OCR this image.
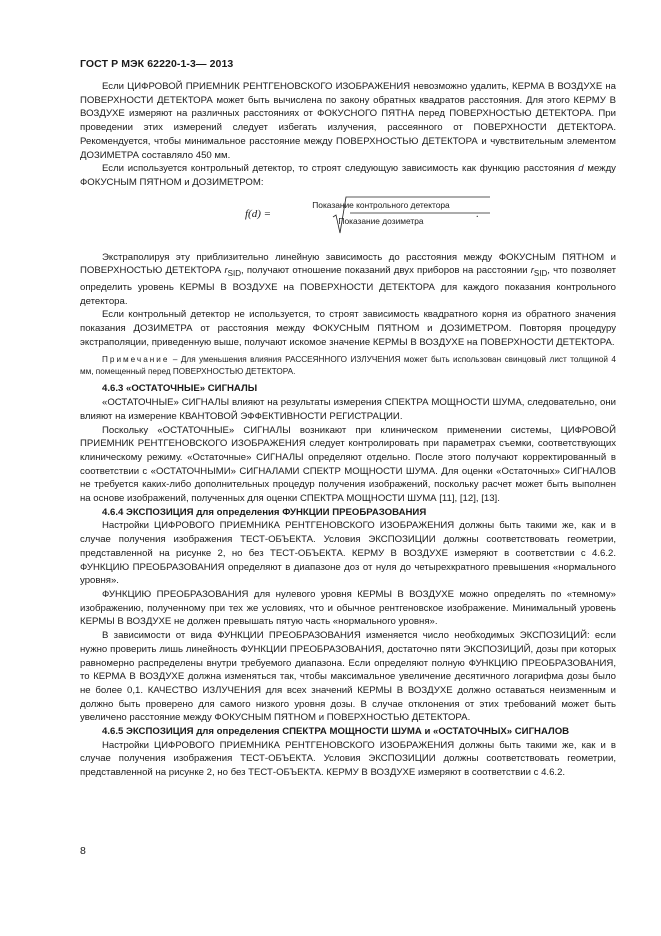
ГОСТ Р МЭК 62220-1-3— 2013

Если ЦИФРОВОЙ ПРИЕМНИК РЕНТГЕНОВСКОГО ИЗОБРАЖЕНИЯ невозможно удалить, КЕРМА В ВОЗДУХЕ на ПОВЕРХНОСТИ ДЕТЕКТОРА может быть вычислена по закону обратных квадратов расстояния. Для этого КЕРМУ В ВОЗДУХЕ измеряют на различных расстояниях от ФОКУСНОГО ПЯТНА перед ПОВЕРХНОСТЬЮ ДЕТЕКТОРА. При проведении этих измерений следует избегать излучения, рассеянного от ПОВЕРХНОСТИ ДЕТЕКТОРА. Рекомендуется, чтобы минимальное расстояние между ПОВЕРХНОСТЬЮ ДЕТЕКТОРА и чувствительным элементом ДОЗИМЕТРА составляло 450 мм.

Если используется контрольный детектор, то строят следующую зависимость как функцию расстояния d между ФОКУСНЫМ ПЯТНОМ и ДОЗИМЕТРОМ:

f(d) =
Показание контрольного детектора
Показание дозиметра
.

Экстраполируя эту приблизительно линейную зависимость до расстояния между ФОКУСНЫМ ПЯТНОМ и ПОВЕРХНОСТЬЮ ДЕТЕКТОРА $r_{SID}$, получают отношение показаний двух приборов на расстоянии $r_{SID}$, что позволяет определить уровень КЕРМЫ В ВОЗДУХЕ на ПОВЕРХНОСТИ ДЕТЕКТОРА для каждого показания контрольного детектора.

Если контрольный детектор не используется, то строят зависимость квадратного корня из обратного значения показания ДОЗИМЕТРА от расстояния между ФОКУСНЫМ ПЯТНОМ и ДОЗИМЕТРОМ. Повторяя процедуру экстраполяции, приведенную выше, получают искомое значение КЕРМЫ В ВОЗДУХЕ на ПОВЕРХНОСТИ ДЕТЕКТОРА.

Примечание – Для уменьшения влияния РАССЕЯННОГО ИЗЛУЧЕНИЯ может быть использован свинцовый лист толщиной 4 мм, помещенный перед ПОВЕРХНОСТЬЮ ДЕТЕКТОРА.

4.6.3 «ОСТАТОЧНЫЕ» СИГНАЛЫ

«ОСТАТОЧНЫЕ» СИГНАЛЫ влияют на результаты измерения СПЕКТРА МОЩНОСТИ ШУМА, следовательно, они влияют на измерение КВАНТОВОЙ ЭФФЕКТИВНОСТИ РЕГИСТРАЦИИ.

Поскольку «ОСТАТОЧНЫЕ» СИГНАЛЫ возникают при клиническом применении системы, ЦИФРОВОЙ ПРИЕМНИК РЕНТГЕНОВСКОГО ИЗОБРАЖЕНИЯ следует контролировать при параметрах съемки, соответствующих клиническому режиму. «Остаточные» СИГНАЛЫ определяют отдельно. После этого получают корректированный в соответствии с «ОСТАТОЧНЫМИ» СИГНАЛАМИ СПЕКТР МОЩНОСТИ ШУМА. Для оценки «Остаточных» СИГНАЛОВ не требуется каких-либо дополнительных процедур получения изображений, поскольку расчет может быть выполнен на основе изображений, полученных для оценки СПЕКТРА МОЩНОСТИ ШУМА [11], [12], [13].

4.6.4 ЭКСПОЗИЦИЯ для определения ФУНКЦИИ ПРЕОБРАЗОВАНИЯ

Настройки ЦИФРОВОГО ПРИЕМНИКА РЕНТГЕНОВСКОГО ИЗОБРАЖЕНИЯ должны быть такими же, как и в случае получения изображения ТЕСТ-ОБЪЕКТА. Условия ЭКСПОЗИЦИИ должны соответствовать геометрии, представленной на рисунке 2, но без ТЕСТ-ОБЪЕКТА. КЕРМУ В ВОЗДУХЕ измеряют в соответствии с 4.6.2. ФУНКЦИЮ ПРЕОБРАЗОВАНИЯ определяют в диапазоне доз от нуля до четырехкратного превышения «нормального уровня».

ФУНКЦИЮ ПРЕОБРАЗОВАНИЯ для нулевого уровня КЕРМЫ В ВОЗДУХЕ можно определять по «темному» изображению, полученному при тех же условиях, что и обычное рентгеновское изображение. Минимальный уровень КЕРМЫ В ВОЗДУХЕ не должен превышать пятую часть «нормального уровня».

В зависимости от вида ФУНКЦИИ ПРЕОБРАЗОВАНИЯ изменяется число необходимых ЭКСПОЗИЦИЙ: если нужно проверить лишь линейность ФУНКЦИИ ПРЕОБРАЗОВАНИЯ, достаточно пяти ЭКСПОЗИЦИЙ, дозы при которых равномерно распределены внутри требуемого диапазона. Если определяют полную ФУНКЦИЮ ПРЕОБРАЗОВАНИЯ, то КЕРМА В ВОЗДУХЕ должна изменяться так, чтобы максимальное увеличение десятичного логарифма дозы было не более 0,1. КАЧЕСТВО ИЗЛУЧЕНИЯ для всех значений КЕРМЫ В ВОЗДУХЕ должно оставаться неизменным и должно быть проверено для самого низкого уровня дозы. В случае отклонения от этих требований может быть увеличено расстояние между ФОКУСНЫМ ПЯТНОМ и ПОВЕРХНОСТЬЮ ДЕТЕКТОРА.

4.6.5 ЭКСПОЗИЦИЯ для определения СПЕКТРА МОЩНОСТИ ШУМА и «ОСТАТОЧНЫХ» СИГНАЛОВ

Настройки ЦИФРОВОГО ПРИЕМНИКА РЕНТГЕНОВСКОГО ИЗОБРАЖЕНИЯ должны быть такими же, как и в случае получения изображения ТЕСТ-ОБЪЕКТА. Условия ЭКСПОЗИЦИИ должны соответствовать геометрии, представленной на рисунке 2, но без ТЕСТ-ОБЪЕКТА. КЕРМУ В ВОЗДУХЕ измеряют в соответствии с 4.6.2.

8
